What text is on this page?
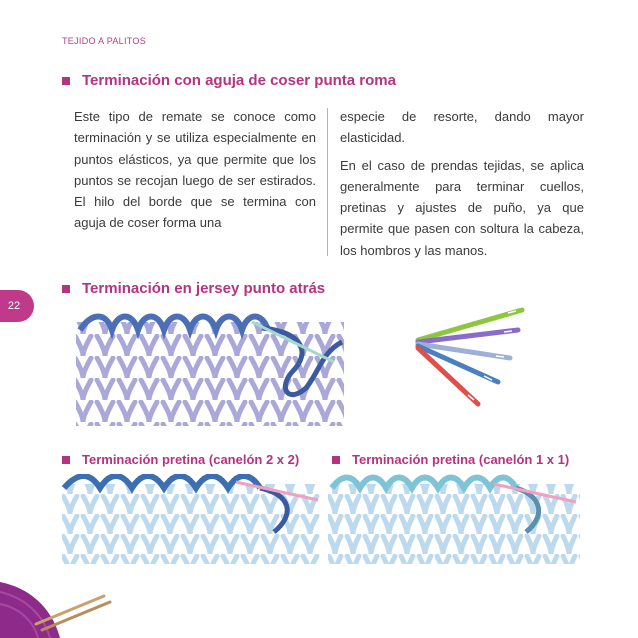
TEJIDO A PALITOS
22
Terminación con aguja de coser punta roma
Este tipo de remate se conoce como terminación y se utiliza especialmente en puntos elásticos, ya que permite que los puntos se recojan luego de ser estirados. El hilo del borde que se termina con aguja de coser forma una

especie de resorte, dando mayor elasticidad.

En el caso de prendas tejidas, se aplica generalmente para terminar cuellos, pretinas y ajustes de puño, ya que permite que pasen con soltura la cabeza, los hombros y las manos.

Terminación en jersey punto atrás
Terminación pretina (canelón 2 x 2)	Terminación pretina (canelón 1 x 1)
